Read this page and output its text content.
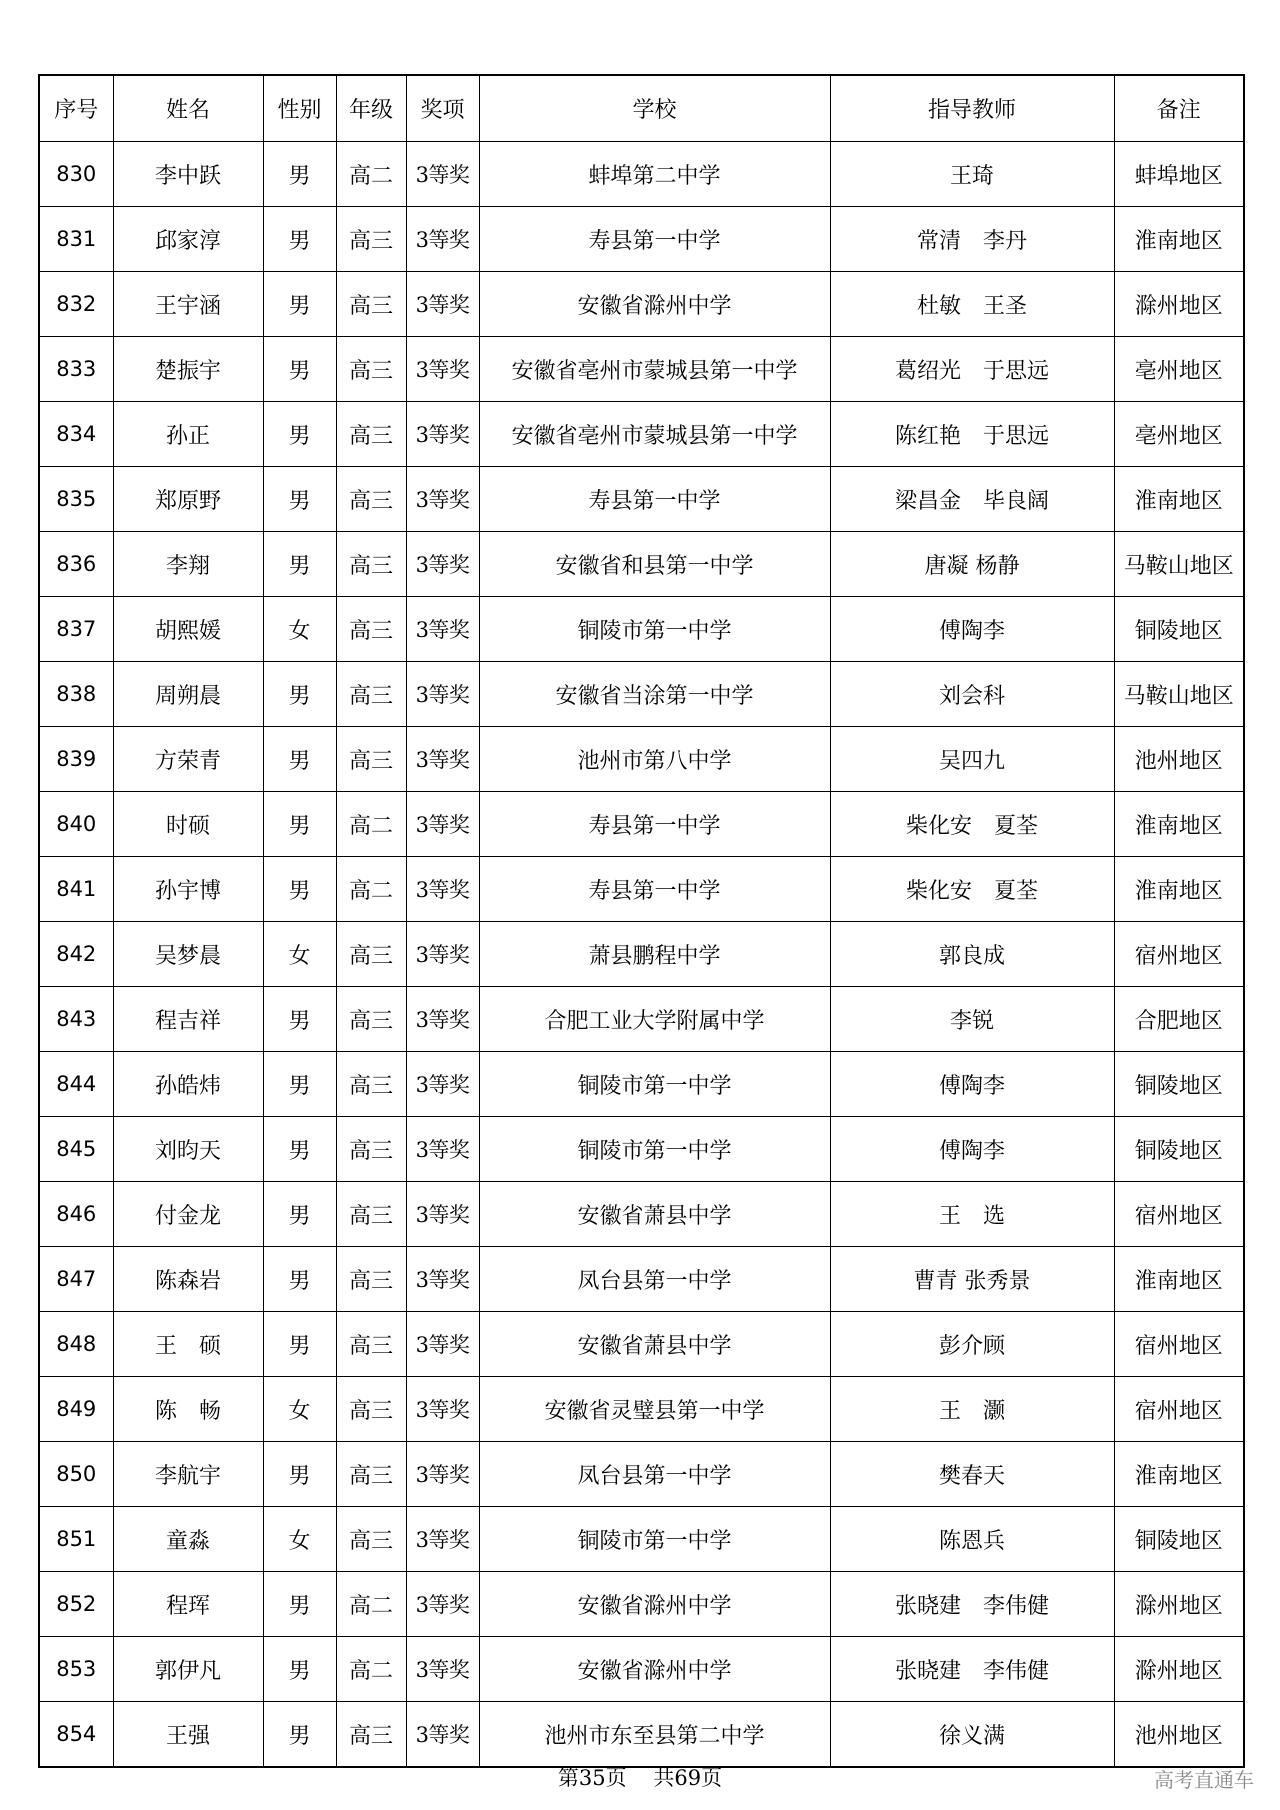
序号	姓名	性别	年级	奖项	学校	指导教师	备注
830	李中跃	男	高二	3等奖	蚌埠第二中学	王琦	蚌埠地区
831	邱家淳	男	高三	3等奖	寿县第一中学	常清　李丹	淮南地区
832	王宇涵	男	高三	3等奖	安徽省滁州中学	杜敏　王圣	滁州地区
833	楚振宇	男	高三	3等奖	安徽省亳州市蒙城县第一中学	葛绍光　于思远	亳州地区
834	孙正	男	高三	3等奖	安徽省亳州市蒙城县第一中学	陈红艳　于思远	亳州地区
835	郑原野	男	高三	3等奖	寿县第一中学	梁昌金　毕良阔	淮南地区
836	李翔	男	高三	3等奖	安徽省和县第一中学	唐凝 杨静	马鞍山地区
837	胡熙媛	女	高三	3等奖	铜陵市第一中学	傅陶李	铜陵地区
838	周朔晨	男	高三	3等奖	安徽省当涂第一中学	刘会科	马鞍山地区
839	方荣青	男	高三	3等奖	池州市第八中学	吴四九	池州地区
840	时硕	男	高二	3等奖	寿县第一中学	柴化安　夏荃	淮南地区
841	孙宇博	男	高二	3等奖	寿县第一中学	柴化安　夏荃	淮南地区
842	吴梦晨	女	高三	3等奖	萧县鹏程中学	郭良成	宿州地区
843	程吉祥	男	高三	3等奖	合肥工业大学附属中学	李锐	合肥地区
844	孙皓炜	男	高三	3等奖	铜陵市第一中学	傅陶李	铜陵地区
845	刘昀天	男	高三	3等奖	铜陵市第一中学	傅陶李	铜陵地区
846	付金龙	男	高三	3等奖	安徽省萧县中学	王　选	宿州地区
847	陈森岩	男	高三	3等奖	凤台县第一中学	曹青 张秀景	淮南地区
848	王　硕	男	高三	3等奖	安徽省萧县中学	彭介顾	宿州地区
849	陈　畅	女	高三	3等奖	安徽省灵璧县第一中学	王　灏	宿州地区
850	李航宇	男	高三	3等奖	凤台县第一中学	樊春天	淮南地区
851	童淼	女	高三	3等奖	铜陵市第一中学	陈恩兵	铜陵地区
852	程珲	男	高二	3等奖	安徽省滁州中学	张晓建　李伟健	滁州地区
853	郭伊凡	男	高二	3等奖	安徽省滁州中学	张晓建　李伟健	滁州地区
854	王强	男	高三	3等奖	池州市东至县第二中学	徐义满	池州地区
第35页 共69页	高考直通车
